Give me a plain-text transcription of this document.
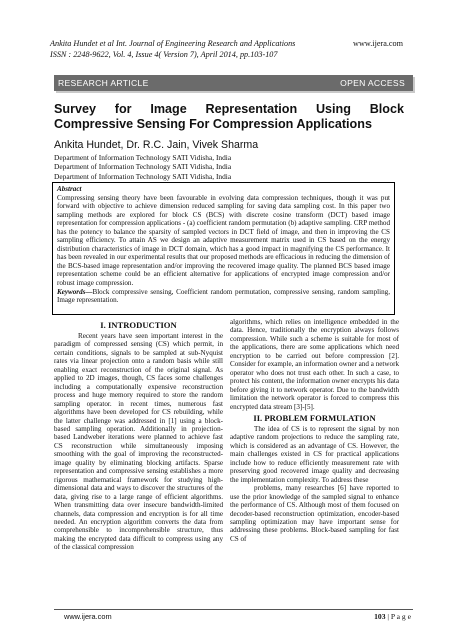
Ankita Hundet et al Int. Journal of Engineering Research and Applications
ISSN : 2248-9622, Vol. 4, Issue 4( Version 7), April 2014, pp.103-107
www.ijera.com
RESEARCH ARTICLE	OPEN ACCESS
Survey for Image Representation Using Block Compressive Sensing For Compression Applications
Ankita Hundet, Dr. R.C. Jain, Vivek Sharma
Department of Information Technology SATI Vidisha, India
Department of Information Technology SATI Vidisha, India
Department of Information Technology SATI Vidisha, India
Abstract
Compressing sensing theory have been favourable in evolving data compression techniques, though it was put forward with objective to achieve dimension reduced sampling for saving data sampling cost. In this paper two sampling methods are explored for block CS (BCS) with discrete cosine transform (DCT) based image representation for compression applications - (a) coefficient random permutation (b) adaptive sampling. CRP method has the potency to balance the sparsity of sampled vectors in DCT field of image, and then in improving the CS sampling efficiency. To attain AS we design an adaptive measurement matrix used in CS based on the energy distribution characteristics of image in DCT domain, which has a good impact in magnifying the CS performance. It has been revealed in our experimental results that our proposed methods are efficacious in reducing the dimension of the BCS-based image representation and/or improving the recovered image quality. The planned BCS based image representation scheme could be an efficient alternative for applications of encrypted image compression and/or robust image compression.
Keywords—Block compressive sensing, Coefficient random permutation, compressive sensing, random sampling, Image representation.
I. INTRODUCTION

Recent years have seen important interest in the paradigm of compressed sensing (CS) which permit, in certain conditions, signals to be sampled at sub-Nyquist rates via linear projection onto a random basis while still enabling exact reconstruction of the original signal. As applied to 2D images, though, CS faces some challenges including a computationally expensive reconstruction process and huge memory required to store the random sampling operator. in recent times, numerous fast algorithms have been developed for CS rebuilding, while the latter challenge was addressed in [1] using a block-based sampling operation. Additionally in projection- based Landweber iterations were planned to achieve fast CS reconstruction while simultaneously imposing smoothing with the goal of improving the reconstructed-image quality by eliminating blocking artifacts. Sparse representation and compressive sensing establishes a more rigorous mathematical framework for studying high-dimensional data and ways to discover the structures of the data, giving rise to a large range of efficient algorithms. When transmitting data over insecure bandwidth-limited channels, data compression and encryption is for all time needed. An encryption algorithm converts the data from comprehensible to incomprehensible structure, thus making the encrypted data difficult to compress using any of the classical compression

algorithms, which relies on intelligence embedded in the data. Hence, traditionally the encryption always follows compression. While such a scheme is suitable for most of the applications, there are some applications which need encryption to be carried out before compression [2]. Consider for example, an information owner and a network operator who does not trust each other. In such a case, to protect his content, the information owner encrypts his data before giving it to network operator. Due to the bandwidth limitation the network operator is forced to compress this encrypted data stream [3]-[5].

II. PROBLEM FORMULATION

The idea of CS is to represent the signal by non adaptive random projections to reduce the sampling rate, which is considered as an advantage of CS. However, the main challenges existed in CS for practical applications include how to reduce efficiently measurement rate with preserving good recovered image quality and decreasing the implementation complexity. To address these

problems, many researches [6] have reported to use the prior knowledge of the sampled signal to enhance the performance of CS. Although most of them focused on decoder-based reconstruction optimization, encoder-based sampling optimization may have important sense for addressing these problems. Block-based sampling for fast CS of

www.ijera.com	103 | P a g e
